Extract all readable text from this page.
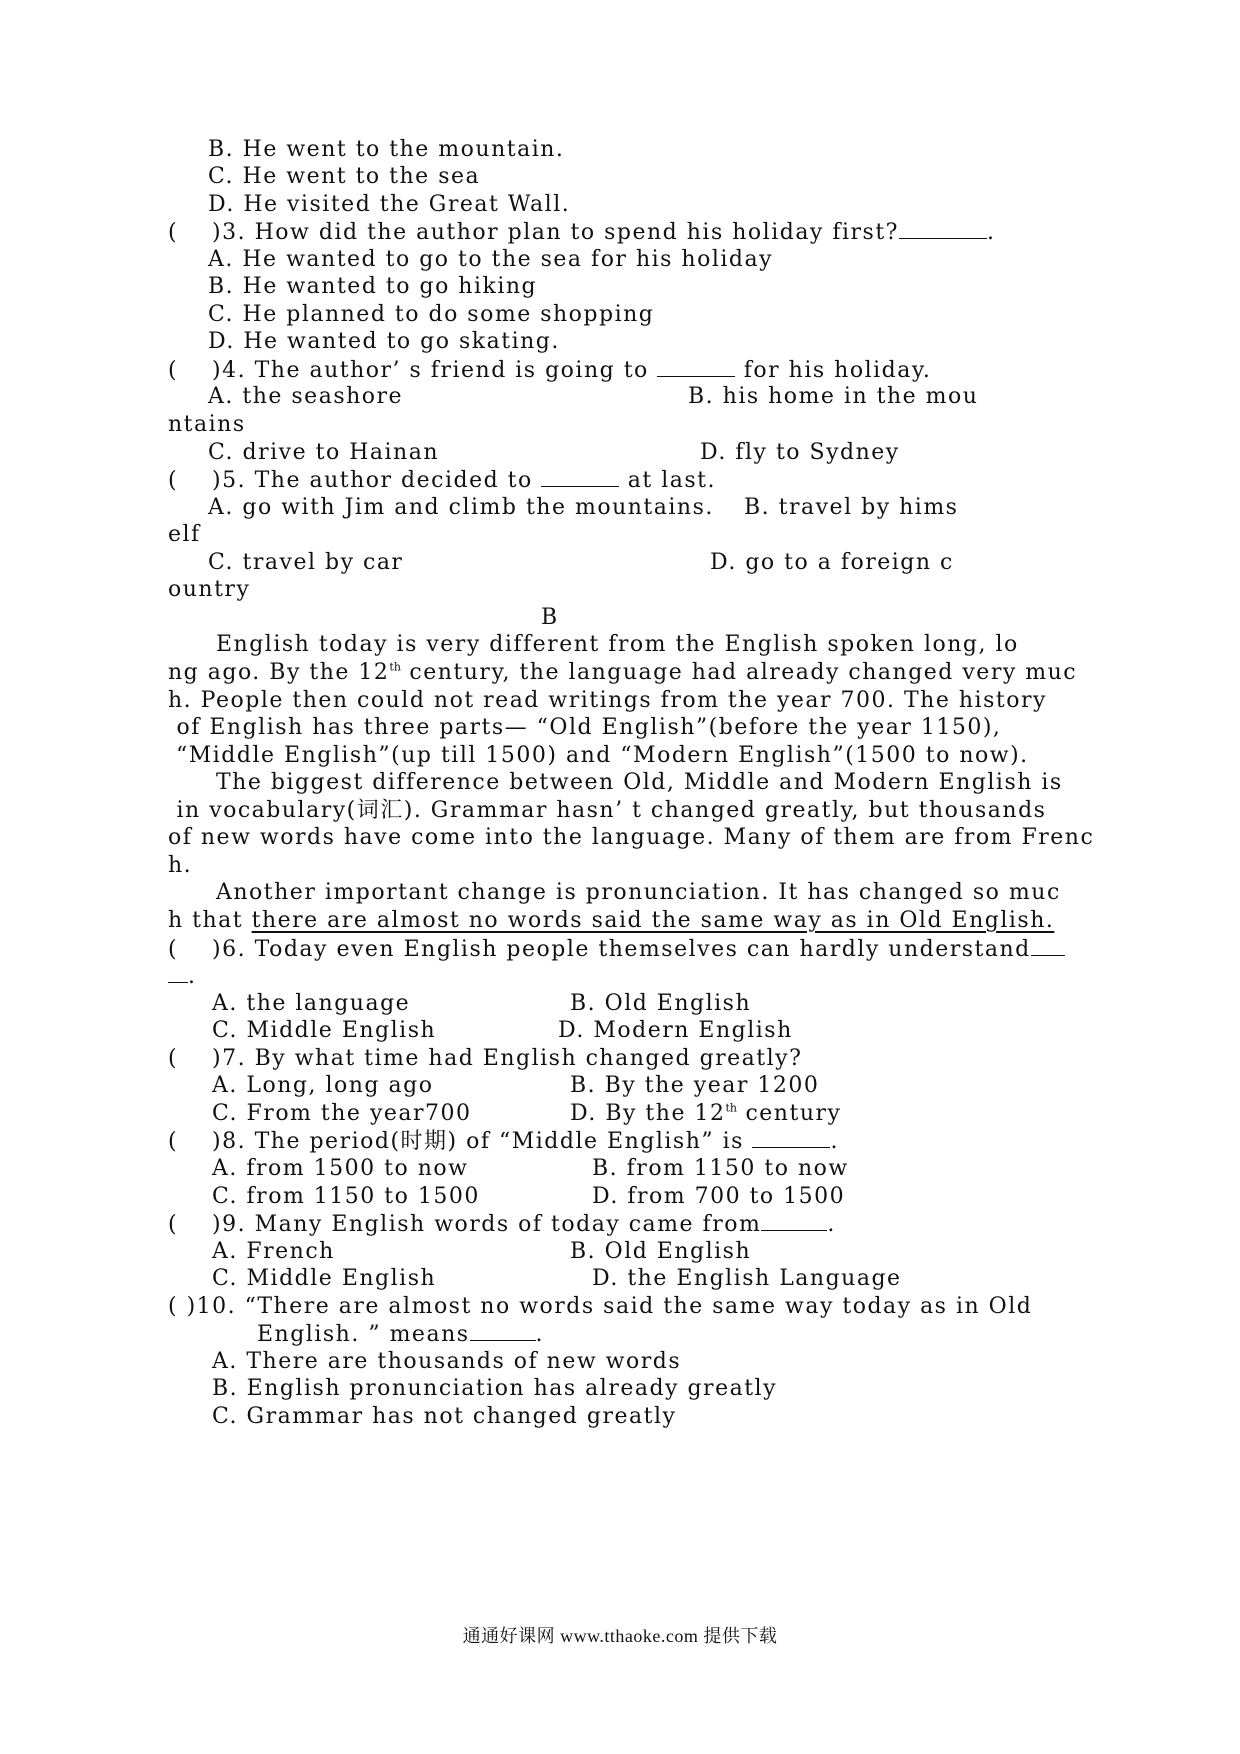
B. He went to the mountain.
C. He went to the sea
D. He visited the Great Wall.
(    )3. How did the author plan to spend his holiday first?	.
A. He wanted to go to the sea for his holiday
B. He wanted to go hiking
C. He planned to do some shopping
D. He wanted to go skating.
(    )4. The author’ s friend is going to	for his holiday.
A. the seashore	B. his home in the mou
ntains
C. drive to Hainan	D. fly to Sydney
(    )5. The author decided to	at last.
A. go with Jim and climb the mountains. B. travel by hims
elf
C. travel by car	D. go to a foreign c
ountry
B
English today is very different from the English spoken long, lo
ng ago. By the 12th century, the language had already changed very muc
h. People then could not read writings from the year 700. The history
of English has three parts— “Old English”(before the year 1150),
“Middle English”(up till 1500) and “Modern English”(1500 to now).
The biggest difference between Old, Middle and Modern English is
in vocabulary(词汇). Grammar hasn’ t changed greatly, but thousands
of new words have come into the language. Many of them are from Frenc
h.
Another important change is pronunciation. It has changed so muc
h that there are almost no words said the same way as in Old English.
(    )6. Today even English people themselves can hardly understand
.
A. the language	B. Old English
C. Middle English	D. Modern English
(    )7. By what time had English changed greatly?
A. Long, long ago	B. By the year 1200
C. From the year700	D. By the 12th century
(    )8. The period(时期) of “Middle English” is	.
A. from 1500 to now	B. from 1150 to now
C. from 1150 to 1500	D. from 700 to 1500
(    )9. Many English words of today came from	.
A. French	B. Old English
C. Middle English	D. the English Language
( )10. “There are almost no words said the same way today as in Old
English. ” means	.
A. There are thousands of new words
B. English pronunciation has already greatly
C. Grammar has not changed greatly
通通好课网 www.tthaoke.com 提供下载
